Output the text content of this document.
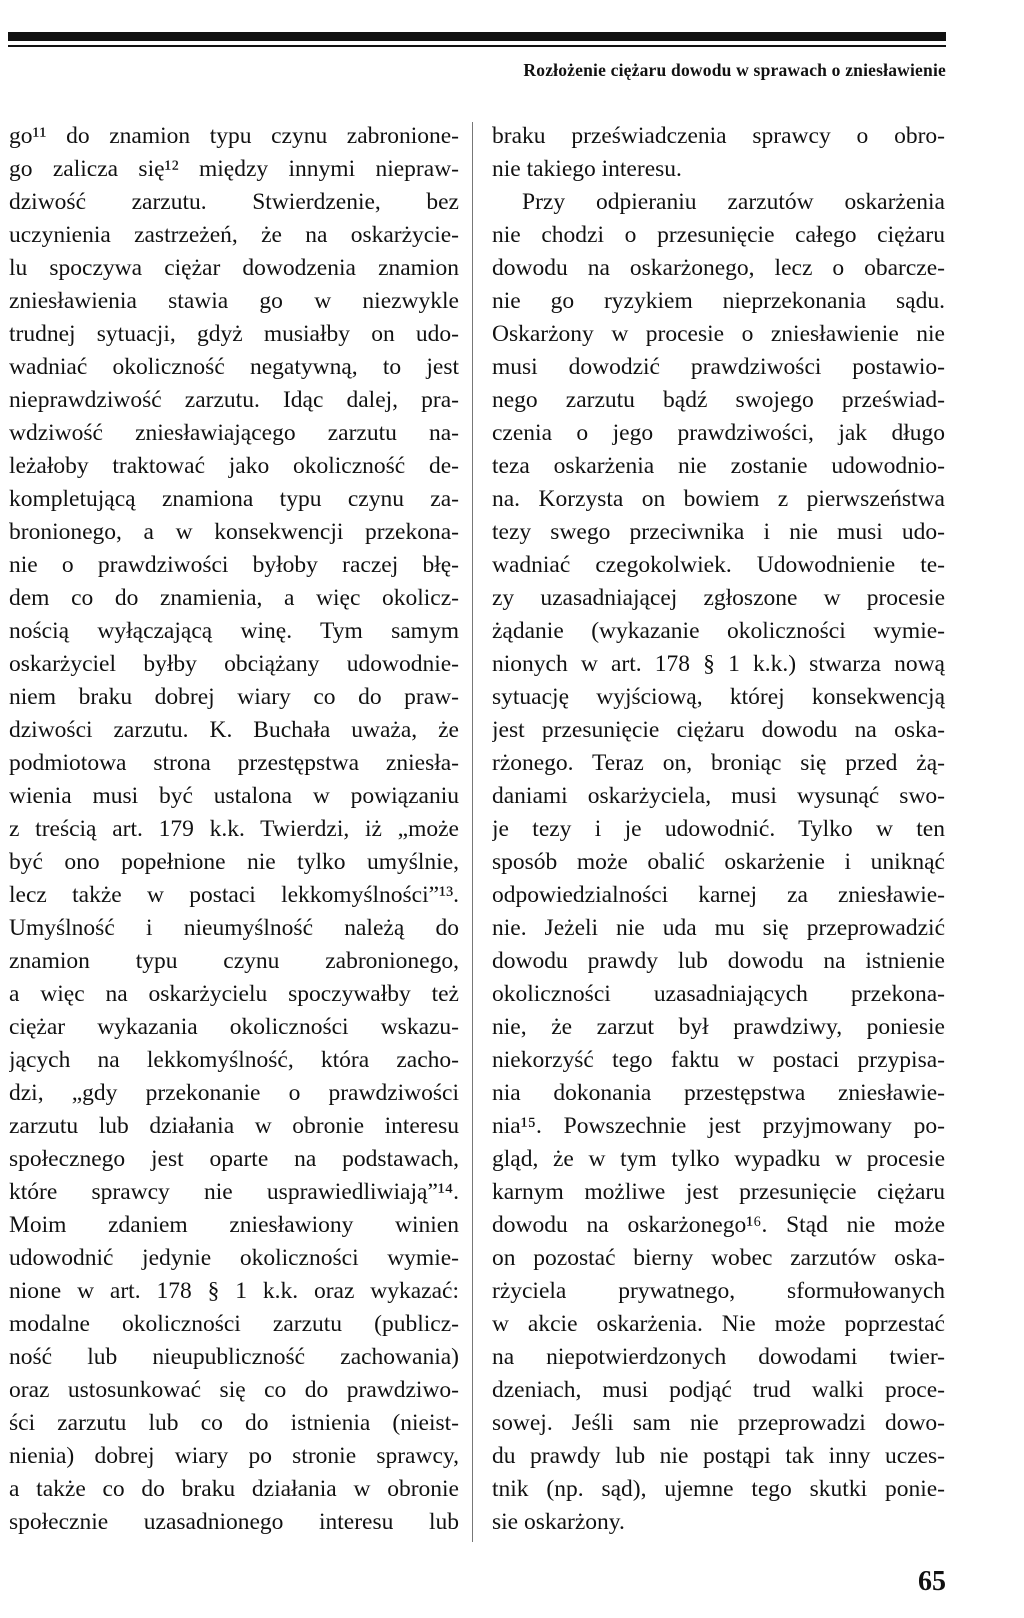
Rozłożenie ciężaru dowodu w sprawach o zniesławienie
go¹¹ do znamion typu czynu zabronione-
go zalicza się¹² między innymi niepraw-
dziwość zarzutu. Stwierdzenie, bez
uczynienia zastrzeżeń, że na oskarżyciе-
lu spoczywa ciężar dowodzenia znamion
zniesławienia stawia go w niezwykle
trudnej sytuacji, gdyż musiałby on udo-
wadniać okoliczność negatywną, to jest
nieprawdziwość zarzutu. Idąc dalej, pra-
wdziwość zniesławiającego zarzutu na-
leżałoby traktować jako okoliczność de-
kompletującą znamiona typu czynu za-
bronionego, a w konsekwencji przekona-
nie o prawdziwości byłoby raczej błę-
dem co do znamienia, a więc okolicz-
nością wyłączającą winę. Tym samym
oskarżyciel byłby obciążany udowodnie-
niem braku dobrej wiary co do praw-
dziwości zarzutu. K. Buchała uważa, że
podmiotowa strona przestępstwa zniesła-
wienia musi być ustalona w powiązaniu
z treścią art. 179 k.k. Twierdzi, iż „może
być ono popełnione nie tylko umyślnie,
lecz także w postaci lekkomyślności”¹³.
Umyślność i nieumyślność należą do
znamion typu czynu zabronionego,
a więc na oskarżycielu spoczywałby też
ciężar wykazania okoliczności wskazu-
jących na lekkomyślność, która zacho-
dzi, „gdy przekonanie o prawdziwości
zarzutu lub działania w obronie interesu
społecznego jest oparte na podstawach,
które sprawcy nie usprawiedliwiają”¹⁴.
Moim zdaniem zniesławiony winien
udowodnić jedynie okoliczności wymie-
nione w art. 178 § 1 k.k. oraz wykazać:
modalne okoliczności zarzutu (publicz-
ność lub nieupubliczność zachowania)
oraz ustosunkować się co do prawdziwo-
ści zarzutu lub co do istnienia (nieist-
nienia) dobrej wiary po stronie sprawcy,
a także co do braku działania w obronie
społecznie uzasadnionego interesu lub
braku przeświadczenia sprawcy o obro-
nie takiego interesu.
Przy odpieraniu zarzutów oskarżenia
nie chodzi o przesunięcie całego ciężaru
dowodu na oskarżonego, lecz o obarcze-
nie go ryzykiem nieprzekonania sądu.
Oskarżony w procesie o zniesławienie nie
musi dowodzić prawdziwości postawio-
nego zarzutu bądź swojego przeświad-
czenia o jego prawdziwości, jak długo
teza oskarżenia nie zostanie udowodnio-
na. Korzysta on bowiem z pierwszeństwa
tezy swego przeciwnika i nie musi udo-
wadniać czegokolwiek. Udowodnienie te-
zy uzasadniającej zgłoszone w procesie
żądanie (wykazanie okoliczności wymie-
nionych w art. 178 § 1 k.k.) stwarza nową
sytuację wyjściową, której konsekwencją
jest przesunięcie ciężaru dowodu na oska-
rżonego. Teraz on, broniąc się przed żą-
daniami oskarżyciela, musi wysunąć swo-
je tezy i je udowodnić. Tylko w ten
sposób może obalić oskarżenie i uniknąć
odpowiedzialności karnej za zniesławie-
nie. Jeżeli nie uda mu się przeprowadzić
dowodu prawdy lub dowodu na istnienie
okoliczności uzasadniających przekona-
nie, że zarzut był prawdziwy, poniesie
niekorzyść tego faktu w postaci przypisa-
nia dokonania przestępstwa zniesławie-
nia¹⁵. Powszechnie jest przyjmowany po-
gląd, że w tym tylko wypadku w procesie
karnym możliwe jest przesunięcie ciężaru
dowodu na oskarżonego¹⁶. Stąd nie może
on pozostać bierny wobec zarzutów oska-
rżyciela prywatnego, sformułowanych
w akcie oskarżenia. Nie może poprzestać
na niepotwierdzonych dowodami twier-
dzeniach, musi podjąć trud walki proce-
sowej. Jeśli sam nie przeprowadzi dowo-
du prawdy lub nie postąpi tak inny uczes-
tnik (np. sąd), ujemne tego skutki ponie-
sie oskarżony.
65
